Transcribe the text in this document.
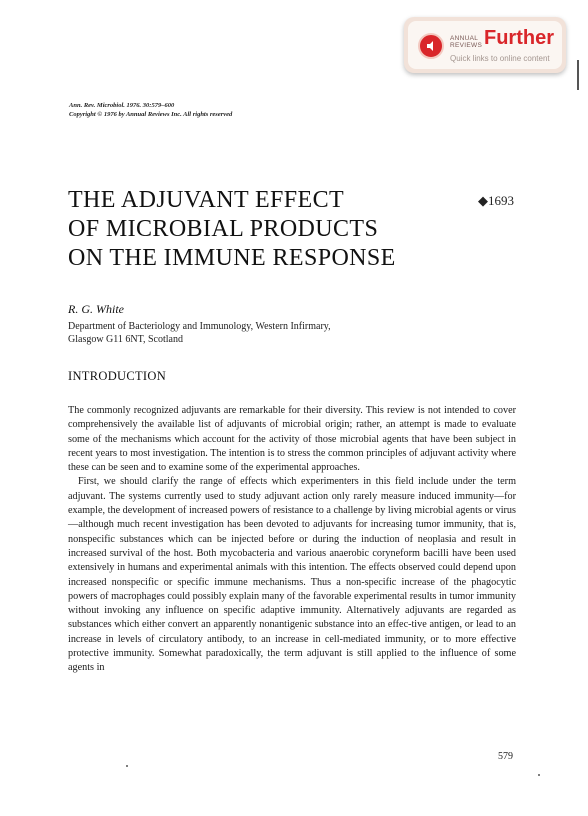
ANNUAL
REVIEWS Further
Quick links to online content
Ann. Rev. Microbiol. 1976. 30:579–600
Copyright © 1976 by Annual Reviews Inc. All rights reserved
THE ADJUVANT EFFECT
OF MICROBIAL PRODUCTS
ON THE IMMUNE RESPONSE
◆1693
R. G. White
Department of Bacteriology and Immunology, Western Infirmary,
Glasgow G11 6NT, Scotland
INTRODUCTION

The commonly recognized adjuvants are remarkable for their diversity. This review is not intended to cover comprehensively the available list of adjuvants of microbial origin; rather, an attempt is made to evaluate some of the mechanisms which account for the activity of those microbial agents that have been subject in recent years to most investigation. The intention is to stress the common principles of adjuvant activity where these can be seen and to examine some of the experimental approaches.

First, we should clarify the range of effects which experimenters in this field include under the term adjuvant. The systems currently used to study adjuvant action only rarely measure induced immunity—for example, the development of increased powers of resistance to a challenge by living microbial agents or virus—although much recent investigation has been devoted to adjuvants for increasing tumor immunity, that is, nonspecific substances which can be injected before or during the induction of neoplasia and result in increased survival of the host. Both mycobacteria and various anaerobic coryneform bacilli have been used extensively in humans and experimental animals with this intention. The effects observed could depend upon increased nonspecific or specific immune mechanisms. Thus a non-specific increase of the phagocytic powers of macrophages could possibly explain many of the favorable experimental results in tumor immunity without invoking any influence on specific adaptive immunity. Alternatively adjuvants are regarded as substances which either convert an apparently nonantigenic substance into an effec-tive antigen, or lead to an increase in levels of circulatory antibody, to an increase in cell-mediated immunity, or to more effective protective immunity. Somewhat paradoxically, the term adjuvant is still applied to the influence of some agents in

579
